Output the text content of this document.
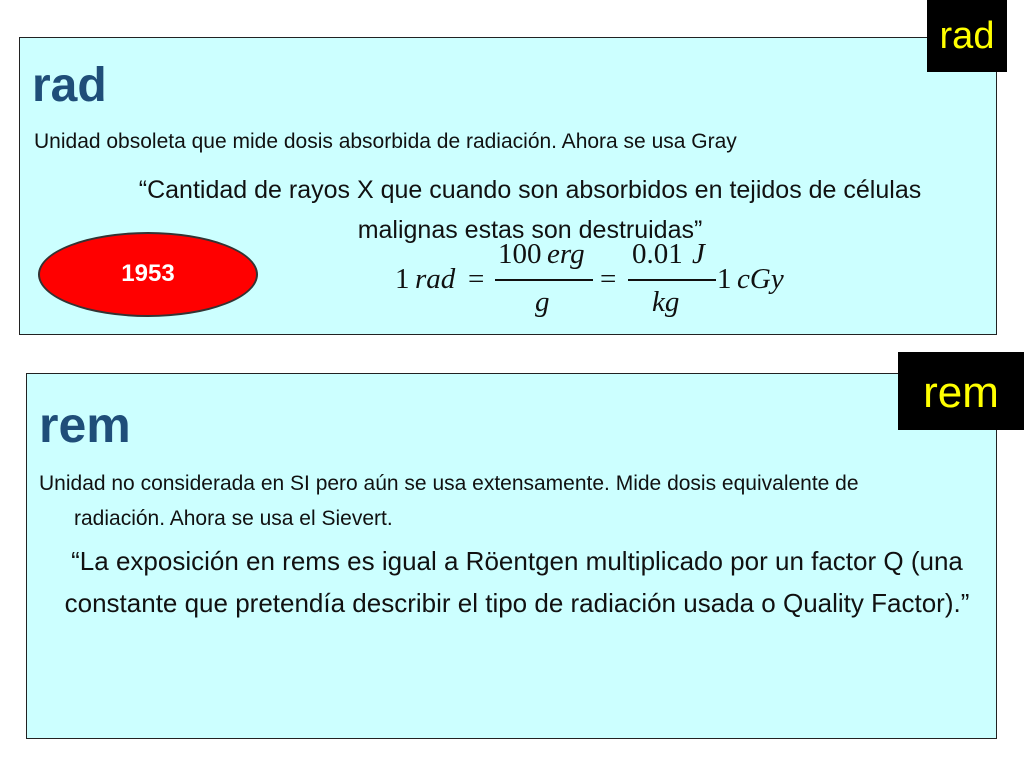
rad
Unidad obsoleta que mide dosis absorbida de radiación. Ahora se usa Gray
“Cantidad de rayos X que cuando son absorbidos en tejidos de células malignas estas son destruidas”
1953	1 rad =
100 erg
g
=
0.01 J
kg
1 cGy
rad
rem
Unidad no considerada en SI pero aún se usa extensamente. Mide dosis equivalente de radiación. Ahora se usa el Sievert.
“La exposición en rems es igual a Röentgen multiplicado por un factor Q (una constante que pretendía describir el tipo de radiación usada o Quality Factor).”
rem
